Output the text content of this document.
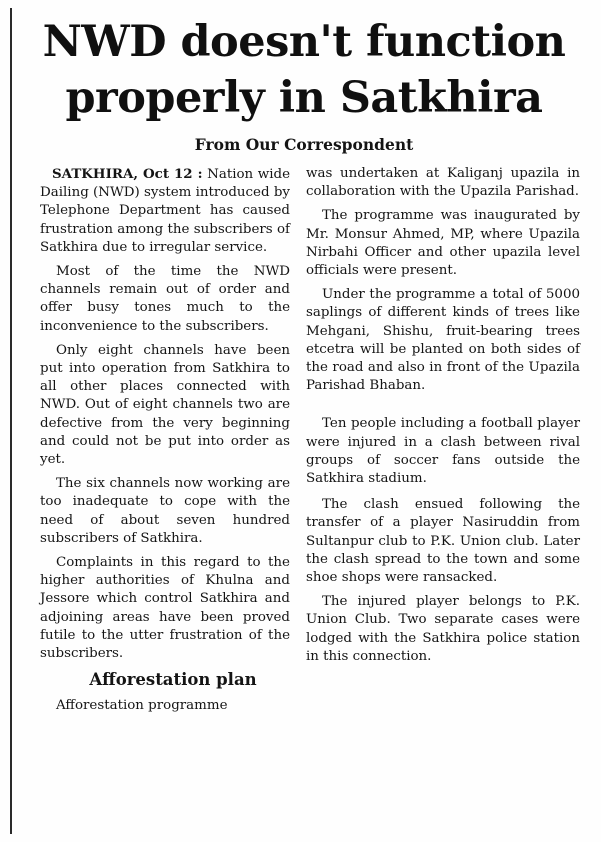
NWD doesn't function
properly in Satkhira

From Our Correspondent

SATKHIRA, Oct 12 : Nation wide Dailing (NWD) system introduced by Telephone Department has caused frustration among the subscribers of Satkhira due to irregular service.

Most of the time the NWD channels remain out of order and offer busy tones much to the inconvenience to the subscribers.

Only eight channels have been put into operation from Satkhira to all other places connected with NWD. Out of eight channels two are defective from the very beginning and could not be put into order as yet.

The six channels now working are too inadequate to cope with the need of about seven hundred subscribers of Satkhira.

Complaints in this regard to the higher authorities of Khulna and Jessore which control Satkhira and adjoining areas have been proved futile to the utter frustration of the subscribers.

Afforestation plan

Afforestation programme

was undertaken at Kaliganj upazila in collaboration with the Upazila Parishad.

The programme was inaugurated by Mr. Monsur Ahmed, MP, where Upazila Nirbahi Officer and other upazila level officials were present.

Under the programme a total of 5000 saplings of different kinds of trees like Mehgani, Shishu, fruit-bearing trees etcetra will be planted on both sides of the road and also in front of the Upazila Parishad Bhaban.

Ten people including a football player were injured in a clash between rival groups of soccer fans outside the Satkhira stadium.

The clash ensued following the transfer of a player Nasiruddin from Sultanpur club to P.K. Union club. Later the clash spread to the town and some shoe shops were ransacked.

The injured player belongs to P.K. Union Club. Two separate cases were lodged with the Satkhira police station in this connection.
